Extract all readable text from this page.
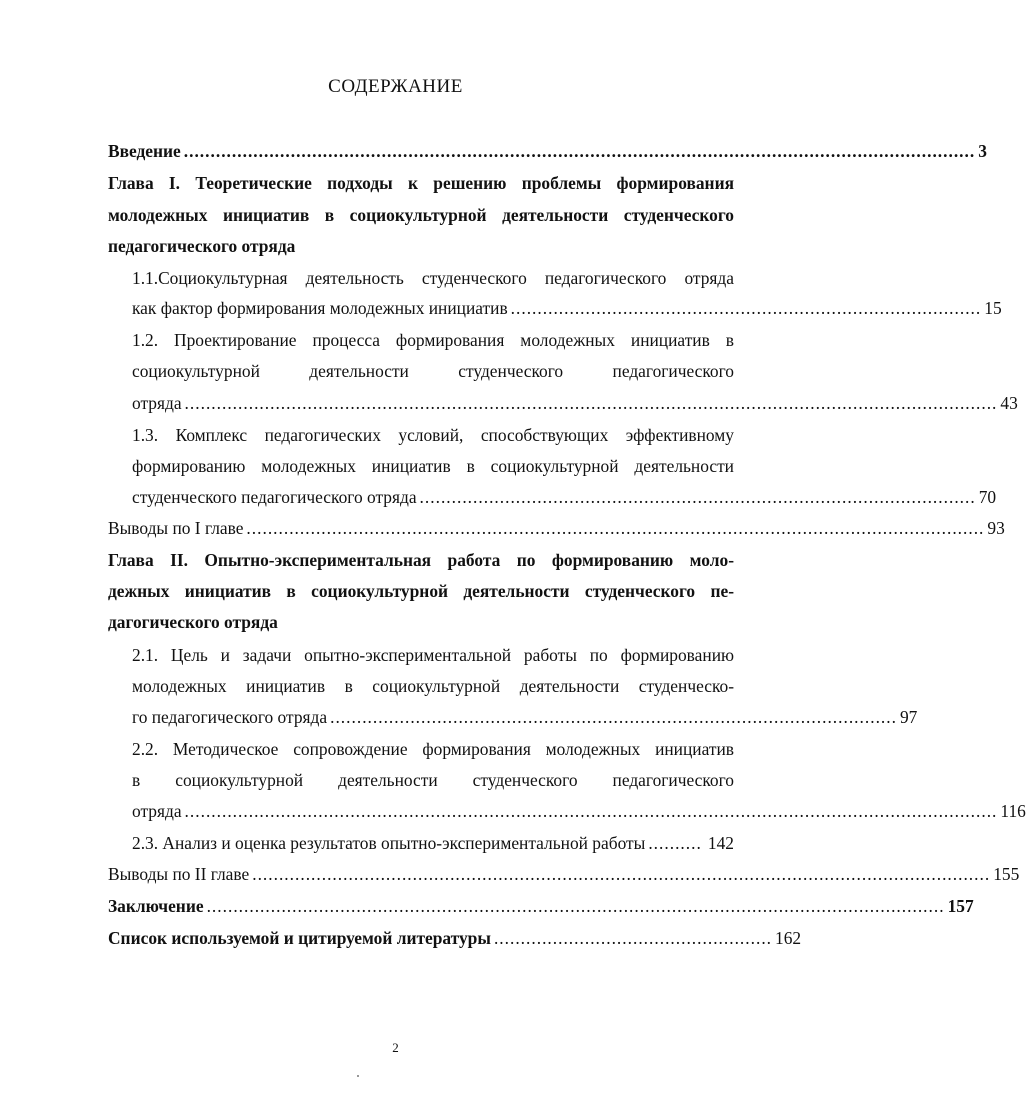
СОДЕРЖАНИЕ
Введение .................................................................................................................................................... 3
Глава I. Теоретические подходы к решению проблемы формирования
молодежных инициатив в социокультурной деятельности студенческого
педагогического отряда
1.1.Социокультурная деятельность студенческого педагогического отряда
как фактор формирования молодежных инициатив ........................................................................................ 15
1.2. Проектирование процесса формирования молодежных инициатив в
социокультурной деятельности студенческого педагогического
отряда ........................................................................................................................................................ 43
1.3. Комплекс педагогических условий, способствующих эффективному
формированию молодежных инициатив в социокультурной деятельности
студенческого педагогического отряда ........................................................................................................ 70
Выводы по I главе .......................................................................................................................................... 93
Глава II. Опытно-экспериментальная работа по формированию моло-
дежных инициатив в социокультурной деятельности студенческого пе-
дагогического отряда
2.1. Цель и задачи опытно-экспериментальной работы по формированию
молодежных инициатив в социокультурной деятельности студенческо-
го педагогического отряда .......................................................................................................... 97
2.2. Методическое сопровождение формирования молодежных инициатив
в социокультурной деятельности студенческого педагогического
отряда ........................................................................................................................................................ 116
2.3. Анализ и оценка результатов опытно-экспериментальной работы .......... 142
Выводы по II главе .......................................................................................................................................... 155
Заключение .......................................................................................................................................... 157
Список используемой и цитируемой литературы .................................................... 162
2
